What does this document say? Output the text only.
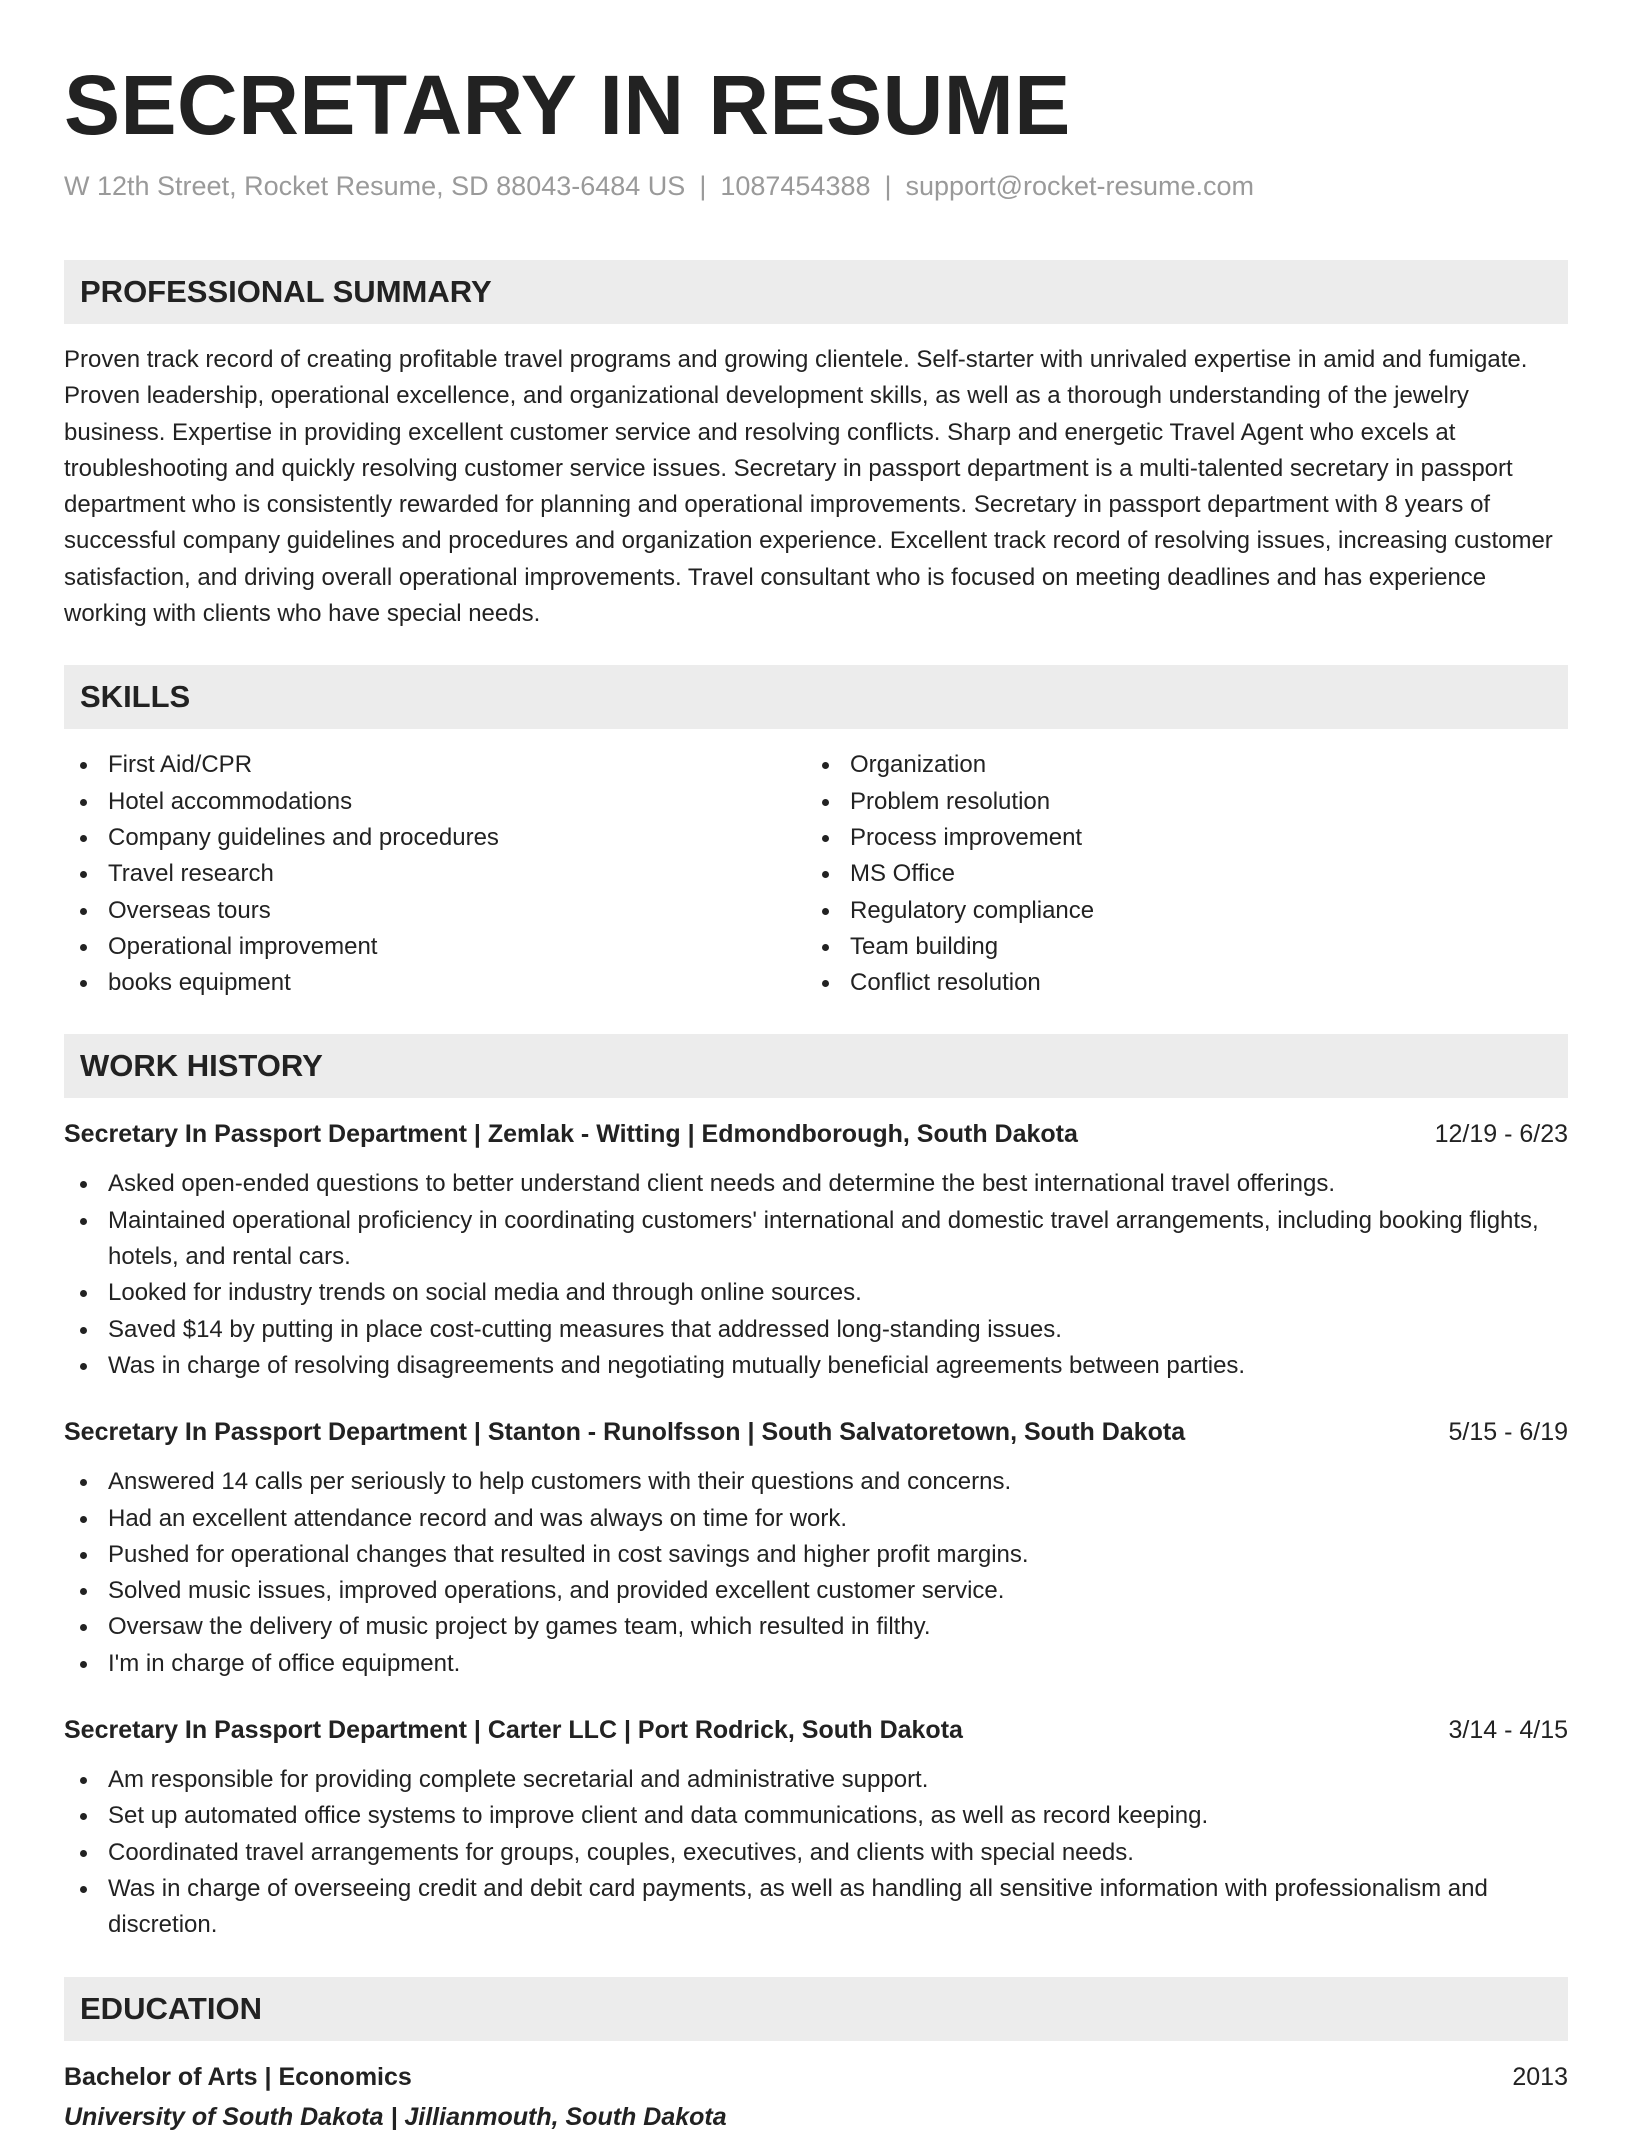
SECRETARY IN RESUME
W 12th Street, Rocket Resume, SD 88043-6484 US | 1087454388 | support@rocket-resume.com
PROFESSIONAL SUMMARY
Proven track record of creating profitable travel programs and growing clientele. Self-starter with unrivaled expertise in amid and fumigate. Proven leadership, operational excellence, and organizational development skills, as well as a thorough understanding of the jewelry business. Expertise in providing excellent customer service and resolving conflicts. Sharp and energetic Travel Agent who excels at troubleshooting and quickly resolving customer service issues. Secretary in passport department is a multi-talented secretary in passport department who is consistently rewarded for planning and operational improvements. Secretary in passport department with 8 years of successful company guidelines and procedures and organization experience. Excellent track record of resolving issues, increasing customer satisfaction, and driving overall operational improvements. Travel consultant who is focused on meeting deadlines and has experience working with clients who have special needs.
SKILLS
First Aid/CPR
Hotel accommodations
Company guidelines and procedures
Travel research
Overseas tours
Operational improvement
books equipment
Organization
Problem resolution
Process improvement
MS Office
Regulatory compliance
Team building
Conflict resolution
WORK HISTORY
Secretary In Passport Department | Zemlak - Witting | Edmondborough, South Dakota	12/19 - 6/23
Asked open-ended questions to better understand client needs and determine the best international travel offerings.
Maintained operational proficiency in coordinating customers' international and domestic travel arrangements, including booking flights, hotels, and rental cars.
Looked for industry trends on social media and through online sources.
Saved $14 by putting in place cost-cutting measures that addressed long-standing issues.
Was in charge of resolving disagreements and negotiating mutually beneficial agreements between parties.
Secretary In Passport Department | Stanton - Runolfsson | South Salvatoretown, South Dakota	5/15 - 6/19
Answered 14 calls per seriously to help customers with their questions and concerns.
Had an excellent attendance record and was always on time for work.
Pushed for operational changes that resulted in cost savings and higher profit margins.
Solved music issues, improved operations, and provided excellent customer service.
Oversaw the delivery of music project by games team, which resulted in filthy.
I'm in charge of office equipment.
Secretary In Passport Department | Carter LLC | Port Rodrick, South Dakota	3/14 - 4/15
Am responsible for providing complete secretarial and administrative support.
Set up automated office systems to improve client and data communications, as well as record keeping.
Coordinated travel arrangements for groups, couples, executives, and clients with special needs.
Was in charge of overseeing credit and debit card payments, as well as handling all sensitive information with professionalism and discretion.
EDUCATION
Bachelor of Arts | Economics	2013
University of South Dakota | Jillianmouth, South Dakota
